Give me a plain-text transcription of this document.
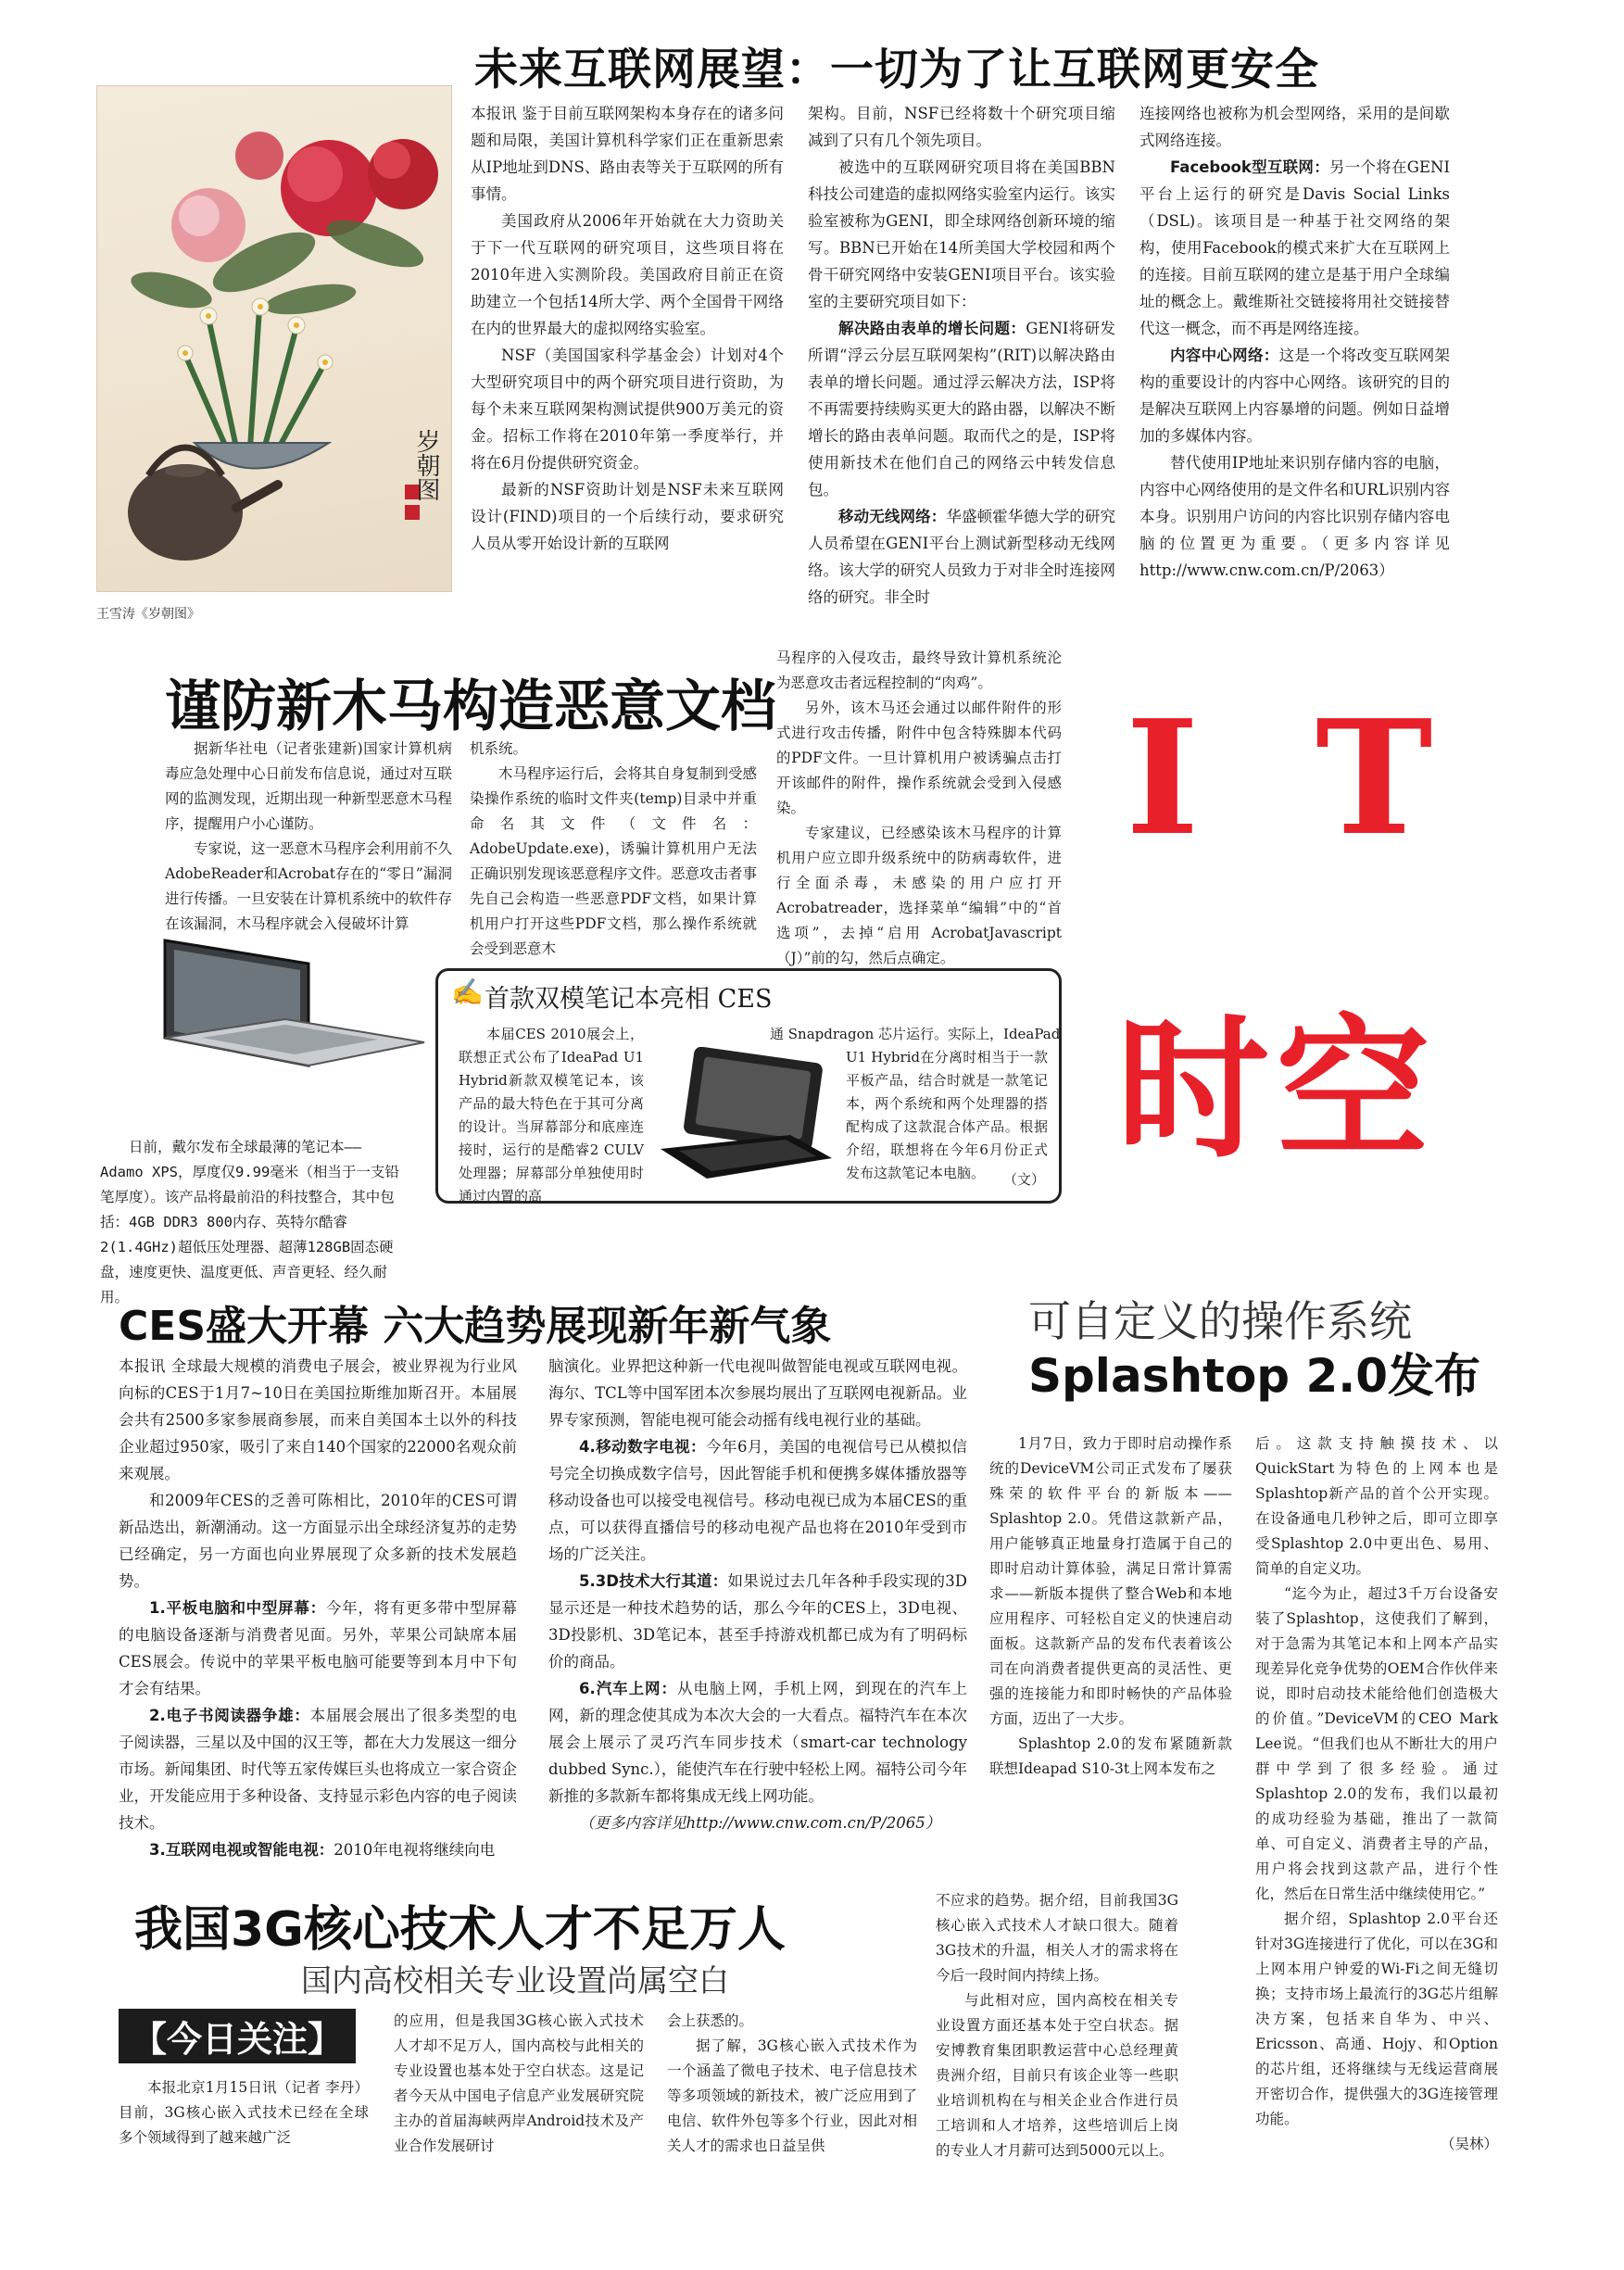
未来互联网展望：一切为了让互联网更安全
岁朝图
王雪涛《岁朝图》

本报讯 鉴于目前互联网架构本身存在的诸多问题和局限，美国计算机科学家们正在重新思索从IP地址到DNS、路由表等关于互联网的所有事情。

美国政府从2006年开始就在大力资助关于下一代互联网的研究项目，这些项目将在2010年进入实测阶段。美国政府目前正在资助建立一个包括14所大学、两个全国骨干网络在内的世界最大的虚拟网络实验室。

NSF（美国国家科学基金会）计划对4个大型研究项目中的两个研究项目进行资助，为每个未来互联网架构测试提供900万美元的资金。招标工作将在2010年第一季度举行，并将在6月份提供研究资金。

最新的NSF资助计划是NSF未来互联网设计(FIND)项目的一个后续行动，要求研究人员从零开始设计新的互联网

架构。目前，NSF已经将数十个研究项目缩减到了只有几个领先项目。

被选中的互联网研究项目将在美国BBN科技公司建造的虚拟网络实验室内运行。该实验室被称为GENI，即全球网络创新环境的缩写。BBN已开始在14所美国大学校园和两个骨干研究网络中安装GENI项目平台。该实验室的主要研究项目如下：

解决路由表单的增长问题：GENI将研发所谓“浮云分层互联网架构”(RIT)以解决路由表单的增长问题。通过浮云解决方法，ISP将不再需要持续购买更大的路由器，以解决不断增长的路由表单问题。取而代之的是，ISP将使用新技术在他们自己的网络云中转发信息包。

移动无线网络：华盛顿霍华德大学的研究人员希望在GENI平台上测试新型移动无线网络。该大学的研究人员致力于对非全时连接网络的研究。非全时

连接网络也被称为机会型网络，采用的是间歇式网络连接。

Facebook型互联网：另一个将在GENI平台上运行的研究是Davis Social Links（DSL)。该项目是一种基于社交网络的架构，使用Facebook的模式来扩大在互联网上的连接。目前互联网的建立是基于用户全球编址的概念上。戴维斯社交链接将用社交链接替代这一概念，而不再是网络连接。

内容中心网络：这是一个将改变互联网架构的重要设计的内容中心网络。该研究的目的是解决互联网上内容暴增的问题。例如日益增加的多媒体内容。

替代使用IP地址来识别存储内容的电脑，内容中心网络使用的是文件名和URL识别内容本身。识别用户访问的内容比识别存储内容电脑的位置更为重要。（更多内容详见http://www.cnw.com.cn/P/2063）

谨防新木马构造恶意文档

据新华社电（记者张建新)国家计算机病毒应急处理中心日前发布信息说，通过对互联网的监测发现，近期出现一种新型恶意木马程序，提醒用户小心谨防。

专家说，这一恶意木马程序会利用前不久AdobeReader和Acrobat存在的“零日”漏洞进行传播。一旦安装在计算机系统中的软件存在该漏洞，木马程序就会入侵破坏计算

机系统。

木马程序运行后，会将其自身复制到受感染操作系统的临时文件夹(temp)目录中并重命名其文件（文件名：AdobeUpdate.exe)，诱骗计算机用户无法正确识别发现该恶意程序文件。恶意攻击者事先自己会构造一些恶意PDF文档，如果计算机用户打开这些PDF文档，那么操作系统就会受到恶意木

马程序的入侵攻击，最终导致计算机系统沦为恶意攻击者远程控制的“肉鸡”。

另外，该木马还会通过以邮件附件的形式进行攻击传播，附件中包含特殊脚本代码的PDF文件。一旦计算机用户被诱骗点击打开该邮件的附件，操作系统就会受到入侵感染。

专家建议，已经感染该木马程序的计算机用户应立即升级系统中的防病毒软件，进行全面杀毒，未感染的用户应打开Acrobatreader，选择菜单“编辑”中的“首选项”，去掉“启用 AcrobatJavascript（J）”前的勾，然后点确定。

I T
时空
日前，戴尔发布全球最薄的笔记本——Adamo XPS，厚度仅9.99毫米（相当于一支铅笔厚度）。该产品将最前沿的科技整合，其中包括：4GB DDR3 800内存、英特尔酷睿2(1.4GHz)超低压处理器、超薄128GB固态硬盘，速度更快、温度更低、声音更轻、经久耐用。
✍ 首款双模笔记本亮相 CES
本届CES 2010展会上，联想正式公布了IdeaPad U1 Hybrid新款双模笔记本，该产品的最大特色在于其可分离的设计。当屏幕部分和底座连接时，运行的是酷睿2 CULV处理器；屏幕部分单独使用时通过内置的高
通 Snapdragon 芯片运行。实际上，IdeaPad
U1 Hybrid在分离时相当于一款平板产品，结合时就是一款笔记本，两个系统和两个处理器的搭配构成了这款混合体产品。根据介绍，联想将在今年6月份正式发布这款笔记本电脑。	（文）
CES盛大开幕 六大趋势展现新年新气象

本报讯 全球最大规模的消费电子展会，被业界视为行业风向标的CES于1月7~10日在美国拉斯维加斯召开。本届展会共有2500多家参展商参展，而来自美国本土以外的科技企业超过950家，吸引了来自140个国家的22000名观众前来观展。

和2009年CES的乏善可陈相比，2010年的CES可谓新品迭出，新潮涌动。这一方面显示出全球经济复苏的走势已经确定，另一方面也向业界展现了众多新的技术发展趋势。

1.平板电脑和中型屏幕：今年，将有更多带中型屏幕的电脑设备逐渐与消费者见面。另外，苹果公司缺席本届CES展会。传说中的苹果平板电脑可能要等到本月中下旬才会有结果。

2.电子书阅读器争雄：本届展会展出了很多类型的电子阅读器，三星以及中国的汉王等，都在大力发展这一细分市场。新闻集团、时代等五家传媒巨头也将成立一家合资企业，开发能应用于多种设备、支持显示彩色内容的电子阅读技术。

3.互联网电视或智能电视：2010年电视将继续向电

脑演化。业界把这种新一代电视叫做智能电视或互联网电视。海尔、TCL等中国军团本次参展均展出了互联网电视新品。业界专家预测，智能电视可能会动摇有线电视行业的基础。

4.移动数字电视：今年6月，美国的电视信号已从模拟信号完全切换成数字信号，因此智能手机和便携多媒体播放器等移动设备也可以接受电视信号。移动电视已成为本届CES的重点，可以获得直播信号的移动电视产品也将在2010年受到市场的广泛关注。

5.3D技术大行其道：如果说过去几年各种手段实现的3D显示还是一种技术趋势的话，那么今年的CES上，3D电视、3D投影机、3D笔记本，甚至手持游戏机都已成为有了明码标价的商品。

6.汽车上网：从电脑上网，手机上网，到现在的汽车上网，新的理念使其成为本次大会的一大看点。福特汽车在本次展会上展示了灵巧汽车同步技术（smart-car technology dubbed Sync.），能使汽车在行驶中轻松上网。福特公司今年新推的多款新车都将集成无线上网功能。

（更多内容详见http://www.cnw.com.cn/P/2065）

可自定义的操作系统
Splashtop 2.0发布

1月7日，致力于即时启动操作系统的DeviceVM公司正式发布了屡获殊荣的软件平台的新版本——Splashtop 2.0。凭借这款新产品，用户能够真正地量身打造属于自己的即时启动计算体验，满足日常计算需求——新版本提供了整合Web和本地应用程序、可轻松自定义的快速启动面板。这款新产品的发布代表着该公司在向消费者提供更高的灵活性、更强的连接能力和即时畅快的产品体验方面，迈出了一大步。

Splashtop 2.0的发布紧随新款联想Ideapad S10-3t上网本发布之

后。这款支持触摸技术、以QuickStart为特色的上网本也是Splashtop新产品的首个公开实现。在设备通电几秒钟之后，即可立即享受Splashtop 2.0中更出色、易用、简单的自定义功。

“迄今为止，超过3千万台设备安装了Splashtop，这使我们了解到，对于急需为其笔记本和上网本产品实现差异化竞争优势的OEM合作伙伴来说，即时启动技术能给他们创造极大的价值。”DeviceVM的CEO Mark Lee说。“但我们也从不断壮大的用户群中学到了很多经验。通过Splashtop 2.0的发布，我们以最初的成功经验为基础，推出了一款简单、可自定义、消费者主导的产品，用户将会找到这款产品，进行个性化，然后在日常生活中继续使用它。”

据介绍，Splashtop 2.0平台还针对3G连接进行了优化，可以在3G和上网本用户钟爱的Wi-Fi之间无缝切换；支持市场上最流行的3G芯片组解决方案，包括来自华为、中兴、Ericsson、高通、Hojy、和Option的芯片组，还将继续与无线运营商展开密切合作，提供强大的3G连接管理功能。

（吴林）

我国3G核心技术人才不足万人
国内高校相关专业设置尚属空白
【今日关注】

本报北京1月15日讯（记者 李丹）目前，3G核心嵌入式技术已经在全球多个领域得到了越来越广泛

的应用，但是我国3G核心嵌入式技术人才却不足万人，国内高校与此相关的专业设置也基本处于空白状态。这是记者今天从中国电子信息产业发展研究院主办的首届海峡两岸Android技术及产业合作发展研讨

会上获悉的。

据了解，3G核心嵌入式技术作为一个涵盖了微电子技术、电子信息技术等多项领域的新技术，被广泛应用到了电信、软件外包等多个行业，因此对相关人才的需求也日益呈供

不应求的趋势。据介绍，目前我国3G核心嵌入式技术人才缺口很大。随着3G技术的升温，相关人才的需求将在今后一段时间内持续上扬。

与此相对应，国内高校在相关专业设置方面还基本处于空白状态。据安博教育集团职教运营中心总经理黄贵洲介绍，目前只有该企业等一些职业培训机构在与相关企业合作进行员工培训和人才培养，这些培训后上岗的专业人才月薪可达到5000元以上。
